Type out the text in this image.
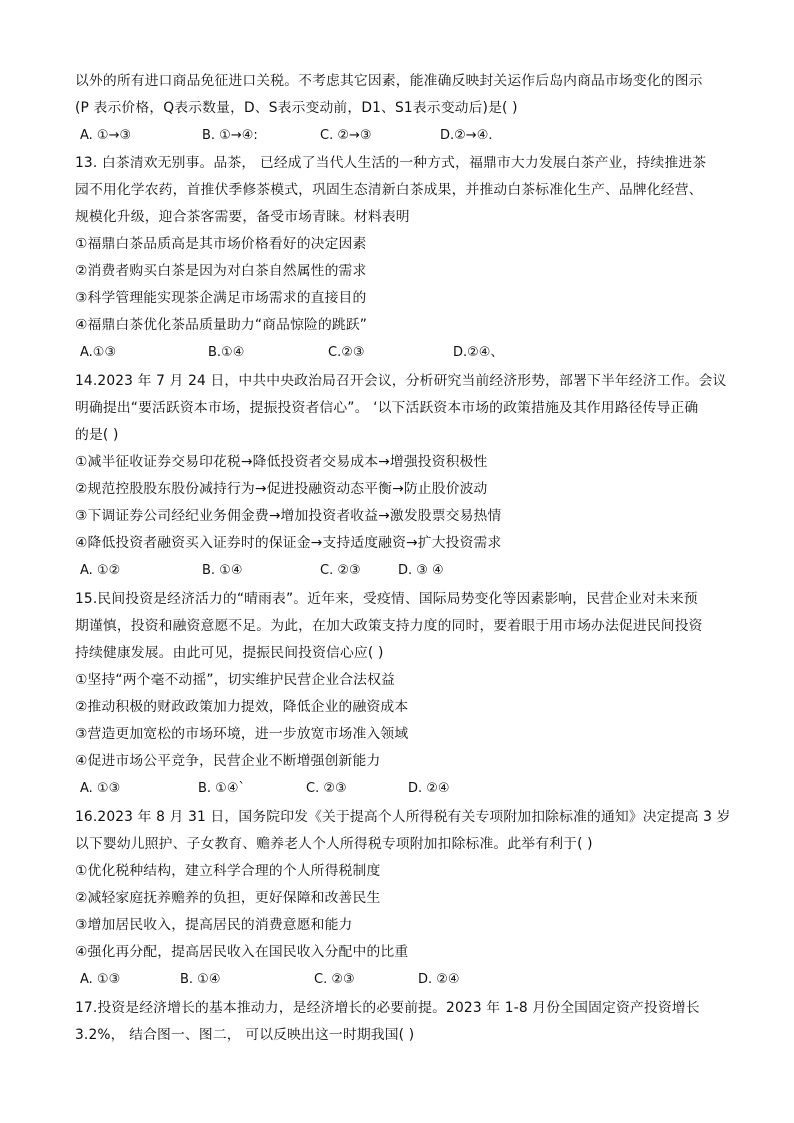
以外的所有进口商品免征进口关税。不考虑其它因素，能准确反映封关运作后岛内商品市场变化的图示
(P 表示价格，Q表示数量，D、S表示变动前，D1、S1表示变动后)是( )
A. ①→③	B. ①→④:	C. ②→③	D.②→④.
13. 白茶清欢无别事。品茶， 已经成了当代人生活的一种方式，福鼎市大力发展白茶产业，持续推进茶
园不用化学农药，首推伏季修茶模式，巩固生态清新白茶成果，并推动白茶标准化生产、品牌化经营、
规模化升级，迎合茶客需要，备受市场青睐。材料表明
①福鼎白茶品质高是其市场价格看好的决定因素
②消费者购买白茶是因为对白茶自然属性的需求
③科学管理能实现茶企满足市场需求的直接目的
④福鼎白茶优化茶品质量助力“商品惊险的跳跃”
A.①③	B.①④	C.②③	D.②④、
14.2023 年 7 月 24 日，中共中央政治局召开会议，分析研究当前经济形势，部署下半年经济工作。会议
明确提出“要活跃资本市场，提振投资者信心”。 ‘以下活跃资本市场的政策措施及其作用路径传导正确
的是( )
①减半征收证券交易印花税→降低投资者交易成本→增强投资积极性
②规范控股股东股份减持行为→促进投融资动态平衡→防止股价波动
③下调证券公司经纪业务佣金费→增加投资者收益→激发股票交易热情
④降低投资者融资买入证券时的保证金→支持适度融资→扩大投资需求
A. ①②	B. ①④	C. ②③	D. ③ ④
15.民间投资是经济活力的“晴雨表”。近年来，受疫情、国际局势变化等因素影响，民营企业对未来预
期谨慎，投资和融资意愿不足。为此，在加大政策支持力度的同时，要着眼于用市场办法促进民间投资
持续健康发展。由此可见，提振民间投资信心应( )
①坚持“两个毫不动摇”，切实维护民营企业合法权益
②推动积极的财政政策加力提效，降低企业的融资成本
③营造更加宽松的市场环境，进一步放宽市场准入领域
④促进市场公平竞争，民营企业不断增强创新能力
A. ①③	B. ①④`	C. ②③	D. ②④
16.2023 年 8 月 31 日，国务院印发《关于提高个人所得税有关专项附加扣除标准的通知》决定提高 3 岁
以下婴幼儿照护、子女教育、赡养老人个人所得税专项附加扣除标准。此举有利于( )
①优化税种结构，建立科学合理的个人所得税制度
②减轻家庭抚养赡养的负担，更好保障和改善民生
③增加居民收入，提高居民的消费意愿和能力
④强化再分配，提高居民收入在国民收入分配中的比重
A. ①③	B. ①④	C. ②③	D. ②④
17.投资是经济增长的基本推动力，是经济增长的必要前提。2023 年 1-8 月份全国固定资产投资增长
3.2%， 结合图一、图二， 可以反映出这一时期我国( )
